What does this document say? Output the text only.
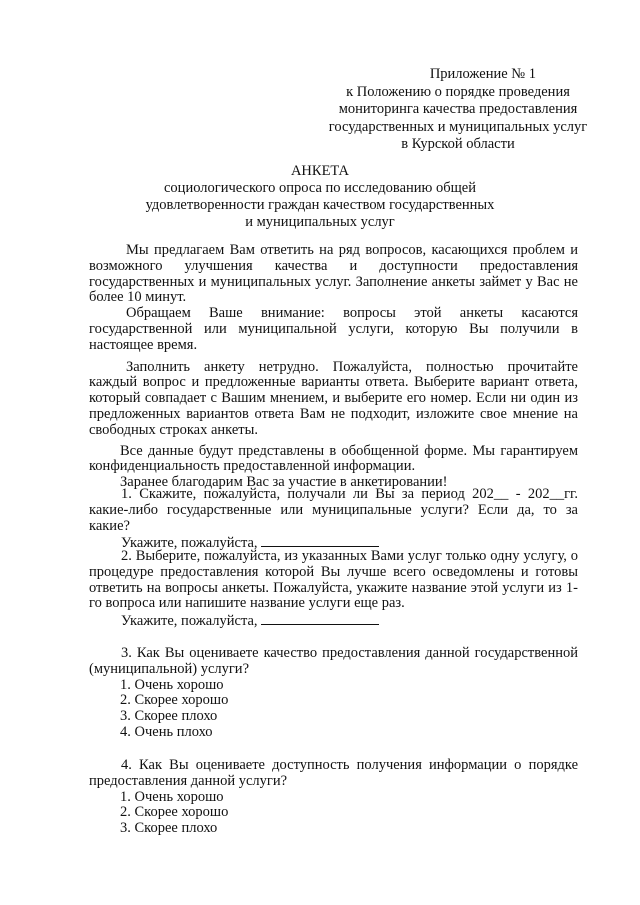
Приложение № 1
к Положению о порядке проведения
мониторинга качества предоставления
государственных и муниципальных услуг
в Курской области
АНКЕТА
социологического опроса по исследованию общей
удовлетворенности граждан качеством государственных
и муниципальных услуг

Мы предлагаем Вам ответить на ряд вопросов, касающихся проблем и возможного улучшения качества и доступности предоставления государственных и муниципальных услуг. Заполнение анкеты займет у Вас не более 10 минут.

Обращаем Ваше внимание: вопросы этой анкеты касаются государственной или муниципальной услуги, которую Вы получили в настоящее время.

Заполнить анкету нетрудно. Пожалуйста, полностью прочитайте каждый вопрос и предложенные варианты ответа. Выберите вариант ответа, который совпадает с Вашим мнением, и выберите его номер. Если ни один из предложенных вариантов ответа Вам не подходит, изложите свое мнение на свободных строках анкеты.

Все данные будут представлены в обобщенной форме. Мы гарантируем конфиденциальность предоставленной информации.

Заранее благодарим Вас за участие в анкетировании!

1. Скажите, пожалуйста, получали ли Вы за период 202__ - 202__гг. какие-либо государственные или муниципальные услуги? Если да, то за какие?

Укажите, пожалуйста,

2. Выберите, пожалуйста, из указанных Вами услуг только одну услугу, о процедуре предоставления которой Вы лучше всего осведомлены и готовы ответить на вопросы анкеты. Пожалуйста, укажите название этой услуги из 1-го вопроса или напишите название услуги еще раз.

Укажите, пожалуйста,

3. Как Вы оцениваете качество предоставления данной государственной (муниципальной) услуги?

1. Очень хорошо
2. Скорее хорошо
3. Скорее плохо
4. Очень плохо

4. Как Вы оцениваете доступность получения информации о порядке предоставления данной услуги?

1. Очень хорошо
2. Скорее хорошо
3. Скорее плохо
